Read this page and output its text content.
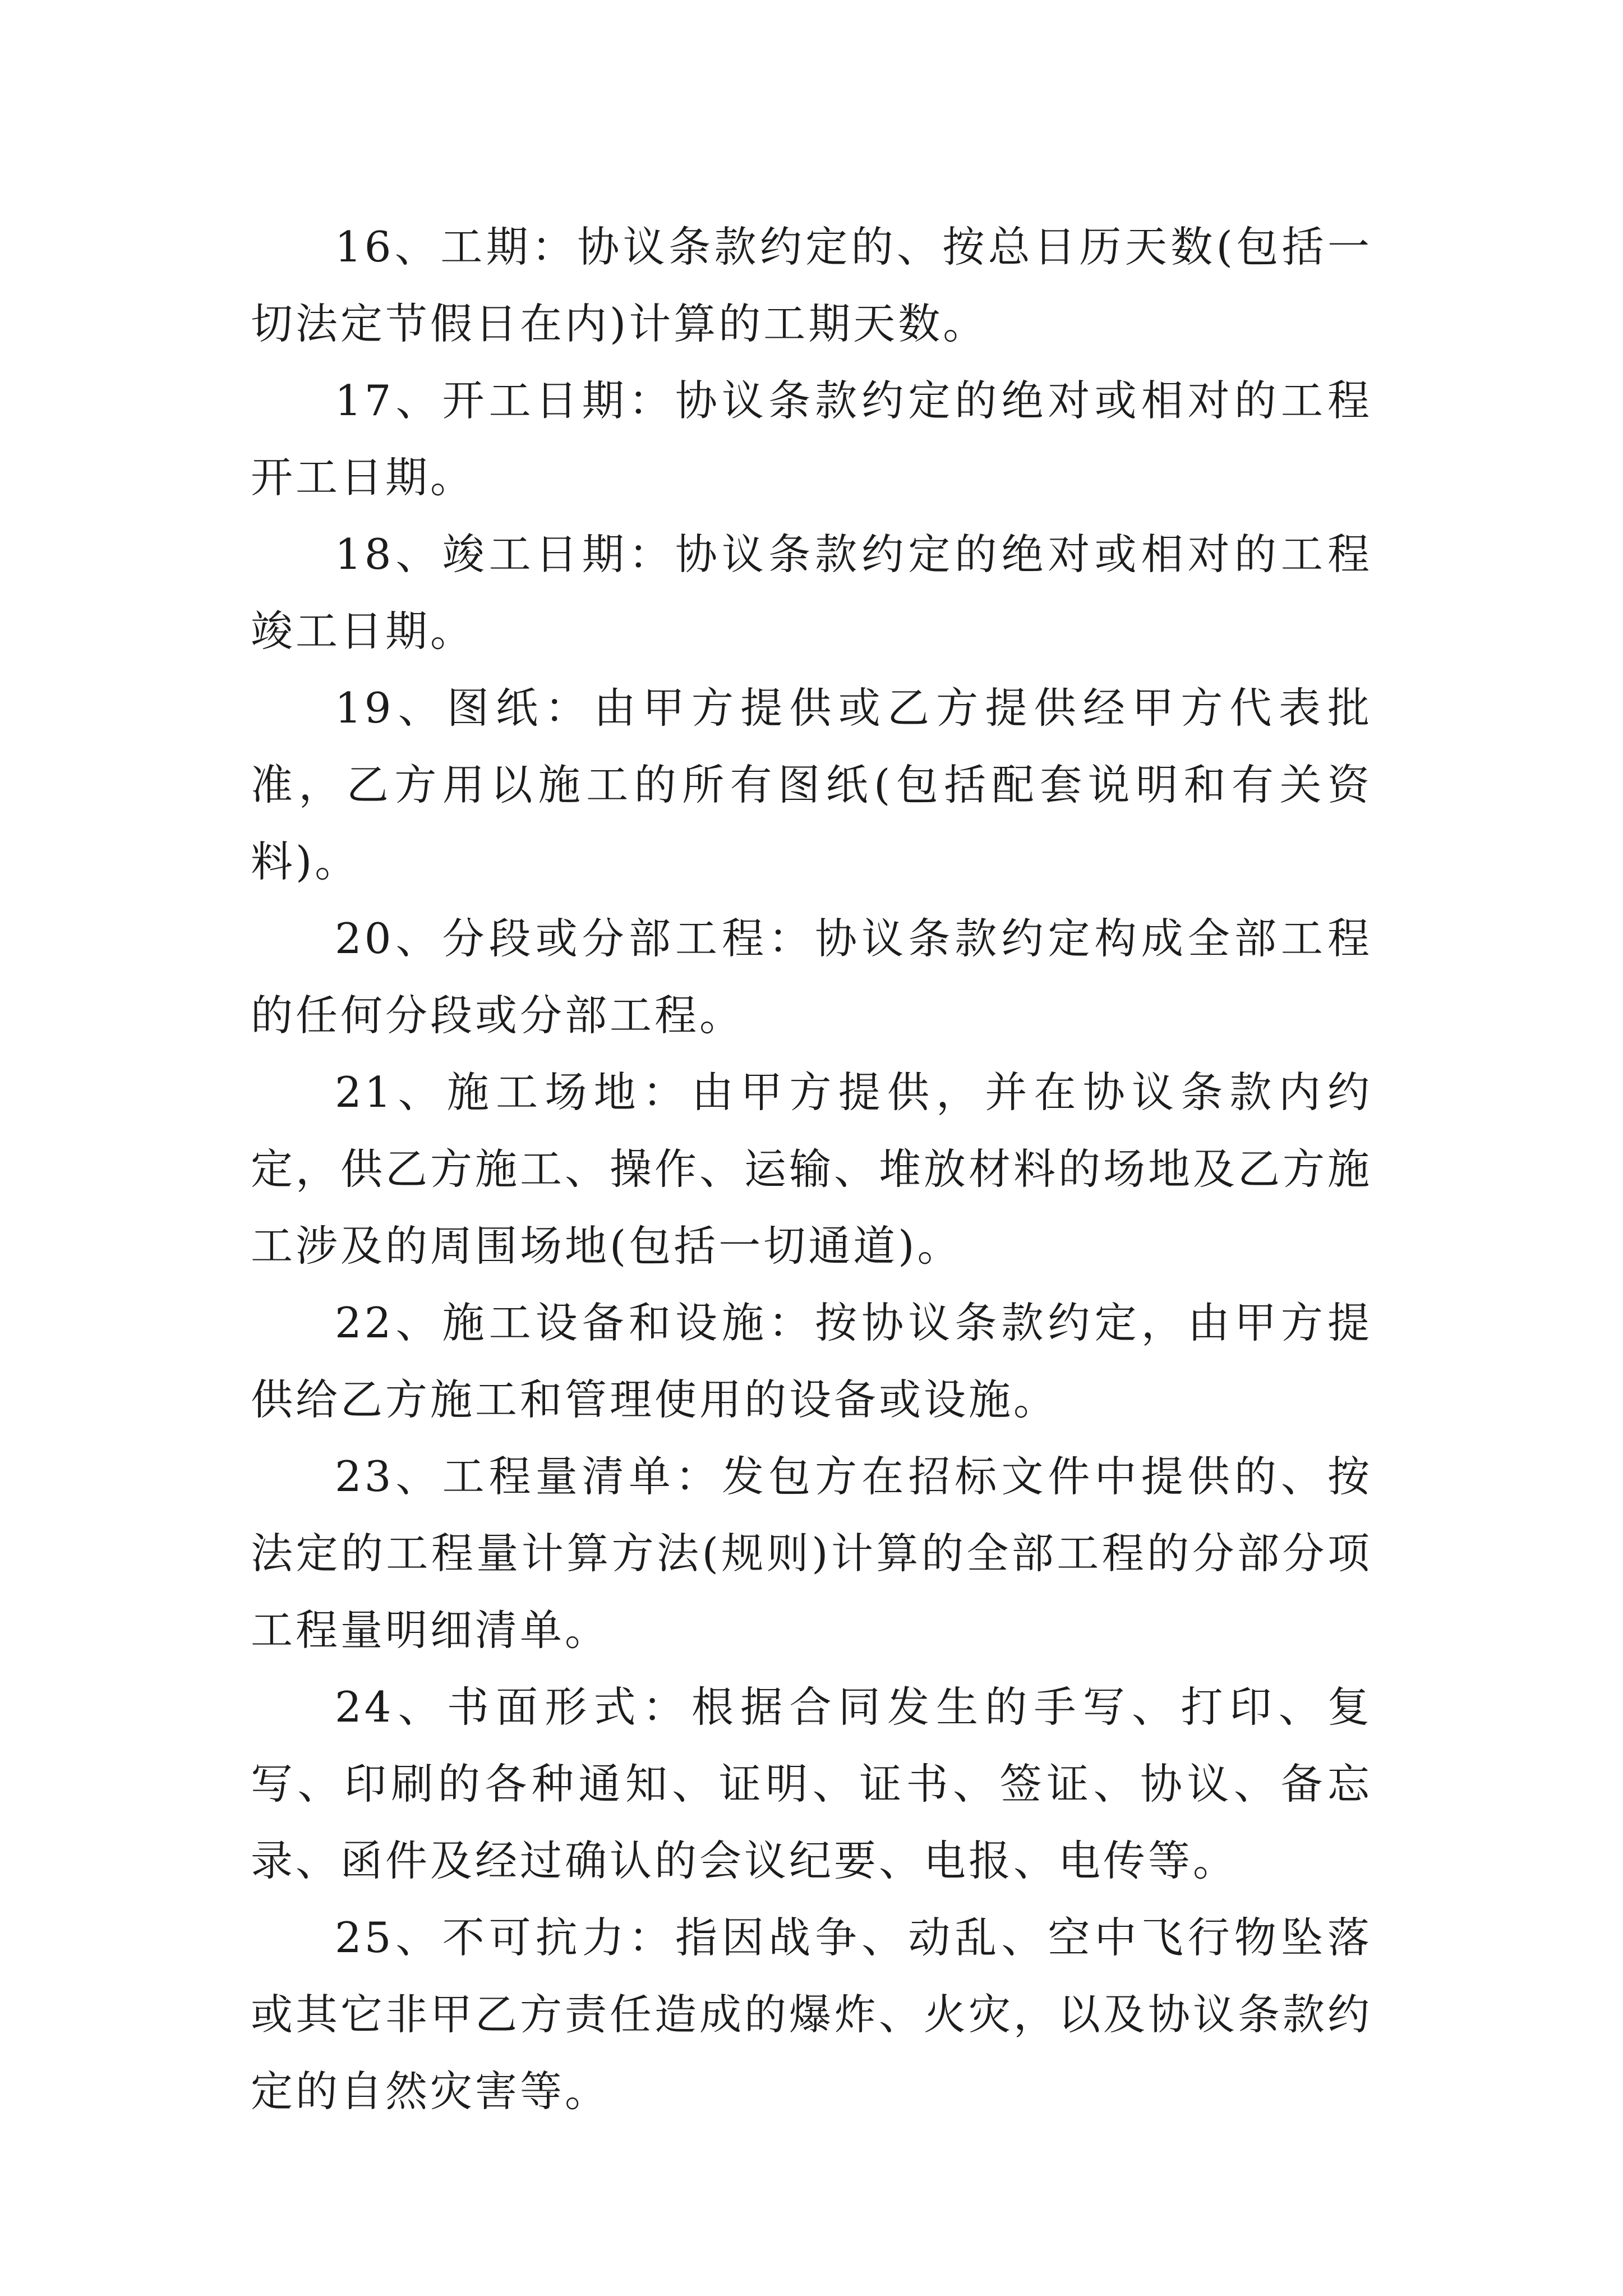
16、工期：协议条款约定的、按总日历天数(包括一切法定节假日在内)计算的工期天数。

17、开工日期：协议条款约定的绝对或相对的工程开工日期。

18、竣工日期：协议条款约定的绝对或相对的工程竣工日期。

19、图纸：由甲方提供或乙方提供经甲方代表批准，乙方用以施工的所有图纸(包括配套说明和有关资料)。

20、分段或分部工程：协议条款约定构成全部工程的任何分段或分部工程。

21、施工场地：由甲方提供，并在协议条款内约定，供乙方施工、操作、运输、堆放材料的场地及乙方施工涉及的周围场地(包括一切通道)。

22、施工设备和设施：按协议条款约定，由甲方提供给乙方施工和管理使用的设备或设施。

23、工程量清单：发包方在招标文件中提供的、按法定的工程量计算方法(规则)计算的全部工程的分部分项工程量明细清单。

24、书面形式：根据合同发生的手写、打印、复写、印刷的各种通知、证明、证书、签证、协议、备忘录、函件及经过确认的会议纪要、电报、电传等。

25、不可抗力：指因战争、动乱、空中飞行物坠落或其它非甲乙方责任造成的爆炸、火灾，以及协议条款约定的自然灾害等。
